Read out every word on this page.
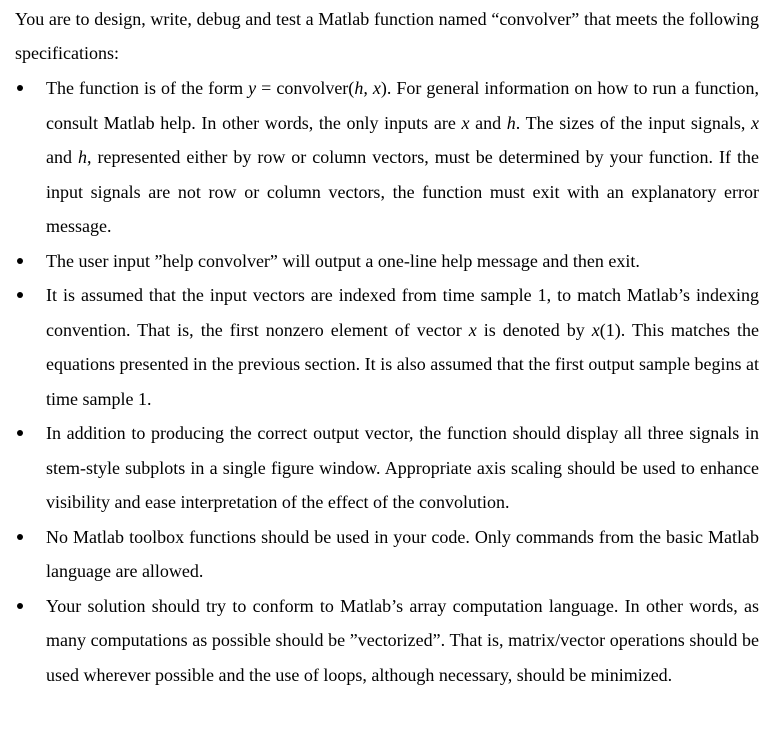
You are to design, write, debug and test a Matlab function named “convolver” that meets the following specifications:

The function is of the form y = convolver(h, x). For general information on how to run a function, consult Matlab help. In other words, the only inputs are x and h. The sizes of the input signals, x and h, represented either by row or column vectors, must be determined by your function. If the input signals are not row or column vectors, the function must exit with an explanatory error message.
The user input ”help convolver” will output a one-line help message and then exit.
It is assumed that the input vectors are indexed from time sample 1, to match Matlab’s indexing convention. That is, the first nonzero element of vector x is denoted by x(1). This matches the equations presented in the previous section. It is also assumed that the first output sample begins at time sample 1.
In addition to producing the correct output vector, the function should display all three signals in stem-style subplots in a single figure window. Appropriate axis scaling should be used to enhance visibility and ease interpretation of the effect of the convolution.
No Matlab toolbox functions should be used in your code. Only commands from the basic Matlab language are allowed.
Your solution should try to conform to Matlab’s array computation language. In other words, as many computations as possible should be ”vectorized”. That is, matrix/vector operations should be used wherever possible and the use of loops, although necessary, should be minimized.
